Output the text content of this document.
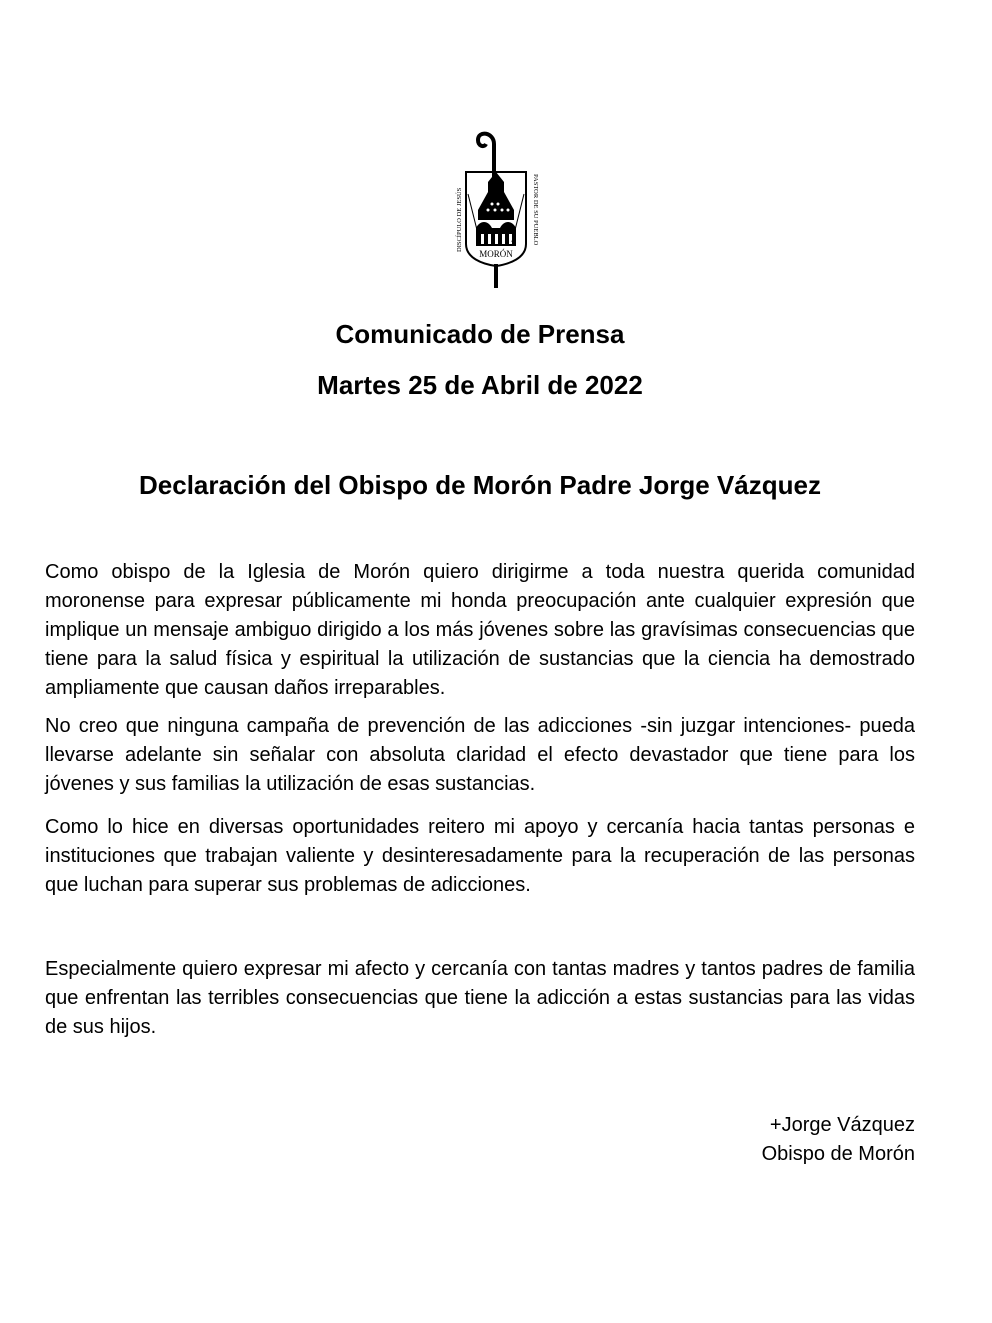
MORÓN
DISCÍPULO DE JESÚS	PASTOR DE SU PUEBLO
Comunicado de Prensa
Martes 25 de Abril de 2022
Declaración del Obispo de Morón Padre Jorge Vázquez

Como obispo de la Iglesia de Morón quiero dirigirme a toda nuestra querida comunidad moronense para expresar públicamente mi honda preocupación ante cualquier expresión que implique un mensaje ambiguo dirigido a los más jóvenes sobre las gravísimas consecuencias que tiene para la salud física y espiritual la utilización de sustancias que la ciencia ha demostrado ampliamente que causan daños irreparables.

No creo que ninguna campaña de prevención de las adicciones -sin juzgar intenciones- pueda llevarse adelante sin señalar con absoluta claridad el efecto devastador que tiene para los jóvenes y sus familias la utilización de esas sustancias.

Como lo hice en diversas oportunidades reitero mi apoyo y cercanía hacia tantas personas e instituciones que trabajan valiente y desinteresadamente para la recuperación de las personas que luchan para superar sus problemas de adicciones.

Especialmente quiero expresar mi afecto y cercanía con tantas madres y tantos padres de familia que enfrentan las terribles consecuencias que tiene la adicción a estas sustancias para las vidas de sus hijos.

+Jorge Vázquez
Obispo de Morón
